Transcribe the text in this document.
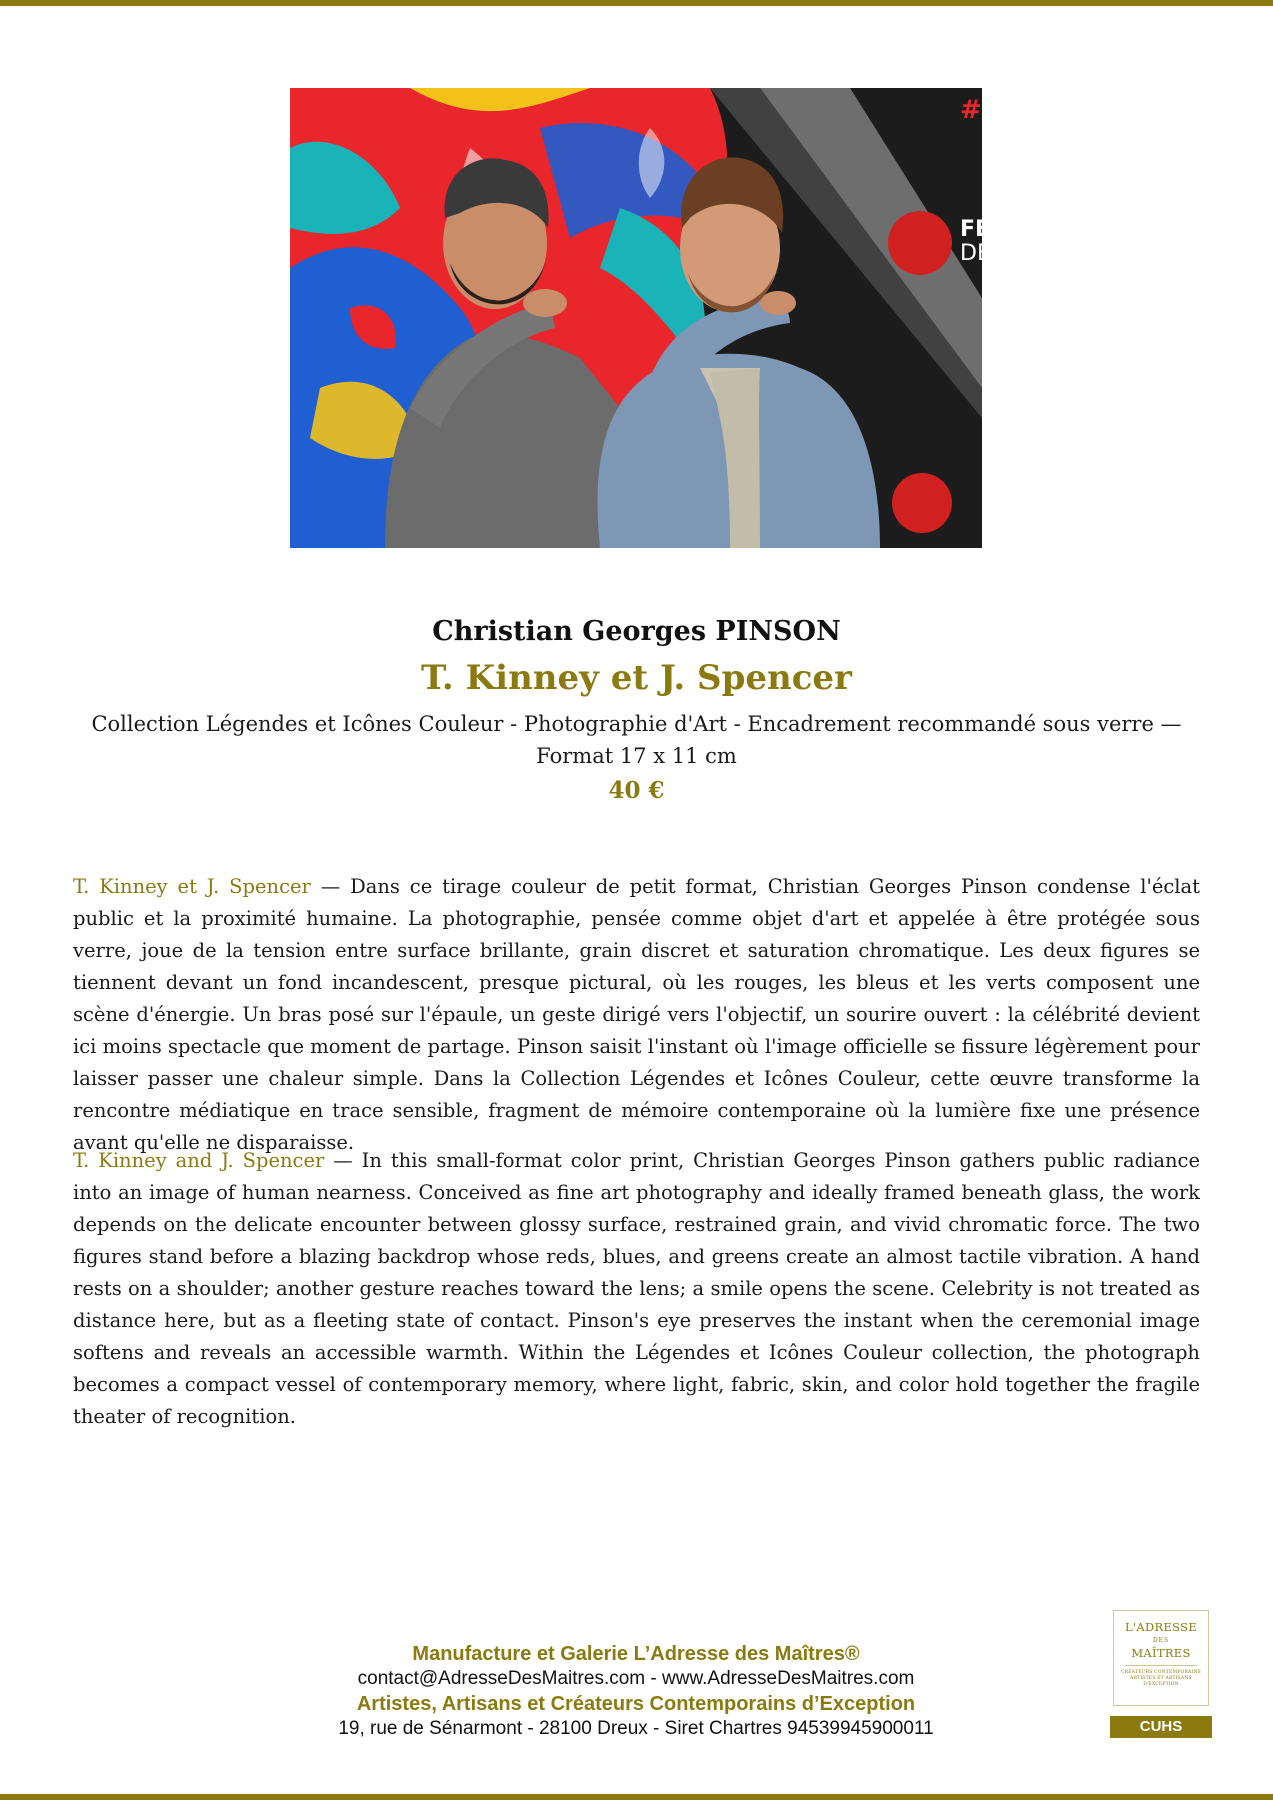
FES
DE
#
Christian Georges PINSON
T. Kinney et J. Spencer
Collection Légendes et Icônes Couleur - Photographie d'Art - Encadrement recommandé sous verre — Format 17 x 11 cm
40 €

T. Kinney et J. Spencer — Dans ce tirage couleur de petit format, Christian Georges Pinson condense l'éclat public et la proximité humaine. La photographie, pensée comme objet d'art et appelée à être protégée sous verre, joue de la tension entre surface brillante, grain discret et saturation chromatique. Les deux figures se tiennent devant un fond incandescent, presque pictural, où les rouges, les bleus et les verts composent une scène d'énergie. Un bras posé sur l'épaule, un geste dirigé vers l'objectif, un sourire ouvert : la célébrité devient ici moins spectacle que moment de partage. Pinson saisit l'instant où l'image officielle se fissure légèrement pour laisser passer une chaleur simple. Dans la Collection Légendes et Icônes Couleur, cette œuvre transforme la rencontre médiatique en trace sensible, fragment de mémoire contemporaine où la lumière fixe une présence avant qu'elle ne disparaisse.

T. Kinney and J. Spencer — In this small-format color print, Christian Georges Pinson gathers public radiance into an image of human nearness. Conceived as fine art photography and ideally framed beneath glass, the work depends on the delicate encounter between glossy surface, restrained grain, and vivid chromatic force. The two figures stand before a blazing backdrop whose reds, blues, and greens create an almost tactile vibration. A hand rests on a shoulder; another gesture reaches toward the lens; a smile opens the scene. Celebrity is not treated as distance here, but as a fleeting state of contact. Pinson's eye preserves the instant when the ceremonial image softens and reveals an accessible warmth. Within the Légendes et Icônes Couleur collection, the photograph becomes a compact vessel of contemporary memory, where light, fabric, skin, and color hold together the fragile theater of recognition.

Manufacture et Galerie L’Adresse des Maîtres®
contact@AdresseDesMaitres.com - www.AdresseDesMaitres.com
Artistes, Artisans et Créateurs Contemporains d’Exception
19, rue de Sénarmont - 28100 Dreux - Siret Chartres 94539945900011
L'ADRESSE
DES
MAÎTRES
CRÉATEURS CONTEMPORAINS ARTISTES ET ARTISANS D'EXCEPTION
CUHS
